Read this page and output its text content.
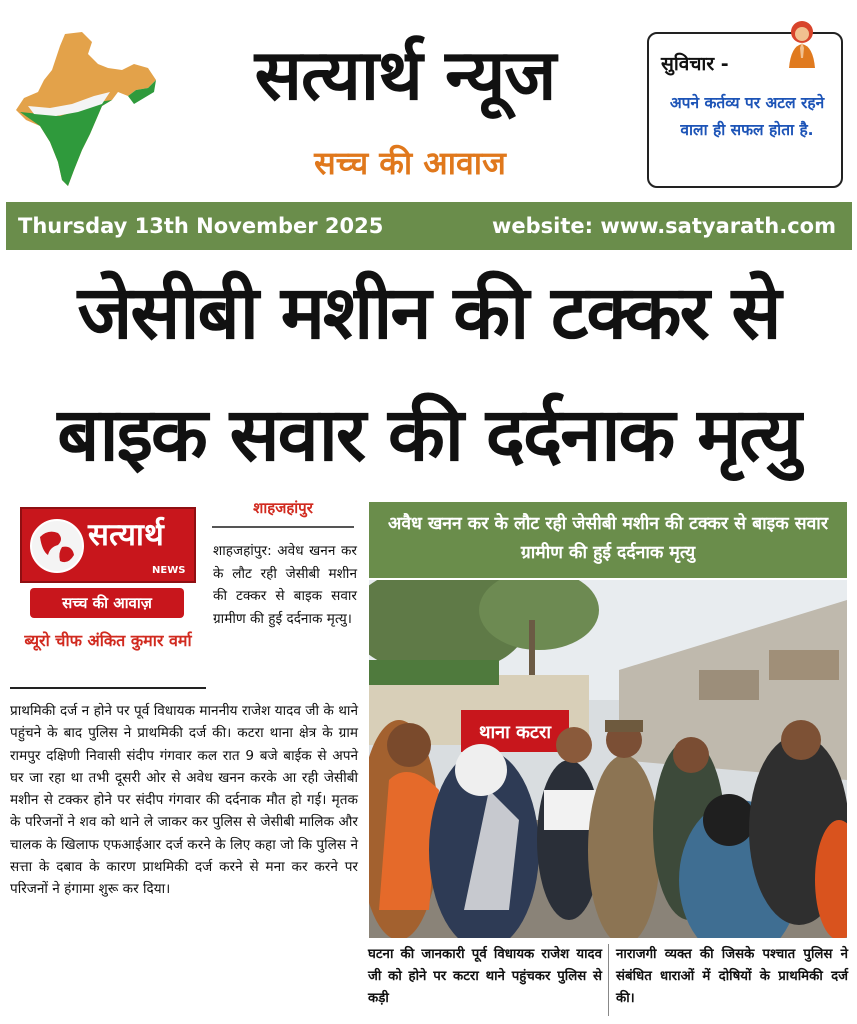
सत्यार्थ न्यूज
सच्च की आवाज
सुविचार -
अपने कर्तव्य पर अटल रहने वाला ही सफल होता है.
Thursday 13th November 2025	website: www.satyarath.com
जेसीबी मशीन की टक्कर से
बाइक सवार की दर्दनाक मृत्यु
सत्यार्थ
NEWS
सच्च की आवाज़
ब्यूरो चीफ अंकित कुमार वर्मा
शाहजहांपुर
शाहजहांपुर: अवेध खनन कर के लौट रही जेसीबी मशीन की टक्कर से बाइक सवार ग्रामीण की हुई दर्दनाक मृत्यु।
प्राथमिकी दर्ज न होने पर पूर्व विधायक माननीय राजेश यादव जी के थाने पहुंचने के बाद पुलिस ने प्राथमिकी दर्ज की। कटरा थाना क्षेत्र के ग्राम रामपुर दक्षिणी निवासी संदीप गंगवार कल रात 9 बजे बाईक से अपने घर जा रहा था तभी दूसरी ओर से अवेध खनन करके आ रही जेसीबी मशीन से टक्कर होने पर संदीप गंगवार की दर्दनाक मौत हो गई। मृतक के परिजनों ने शव को थाने ले जाकर कर पुलिस से जेसीबी मालिक और चालक के खिलाफ एफआईआर दर्ज करने के लिए कहा जो कि पुलिस ने सत्ता के दबाव के कारण प्राथमिकी दर्ज करने से मना कर करने पर परिजनों ने हंगामा शुरू कर दिया।
अवैध खनन कर के लौट रही जेसीबी मशीन की टक्कर से बाइक सवार ग्रामीण की हुई दर्दनाक मृत्यु
थाना कटरा
घटना की जानकारी पूर्व विधायक राजेश यादव जी को होने पर कटरा थाने पहुंचकर पुलिस से कड़ी
नाराजगी व्यक्त की जिसके पश्चात पुलिस ने संबंधित धाराओं में दोषियों के प्राथमिकी दर्ज की।
